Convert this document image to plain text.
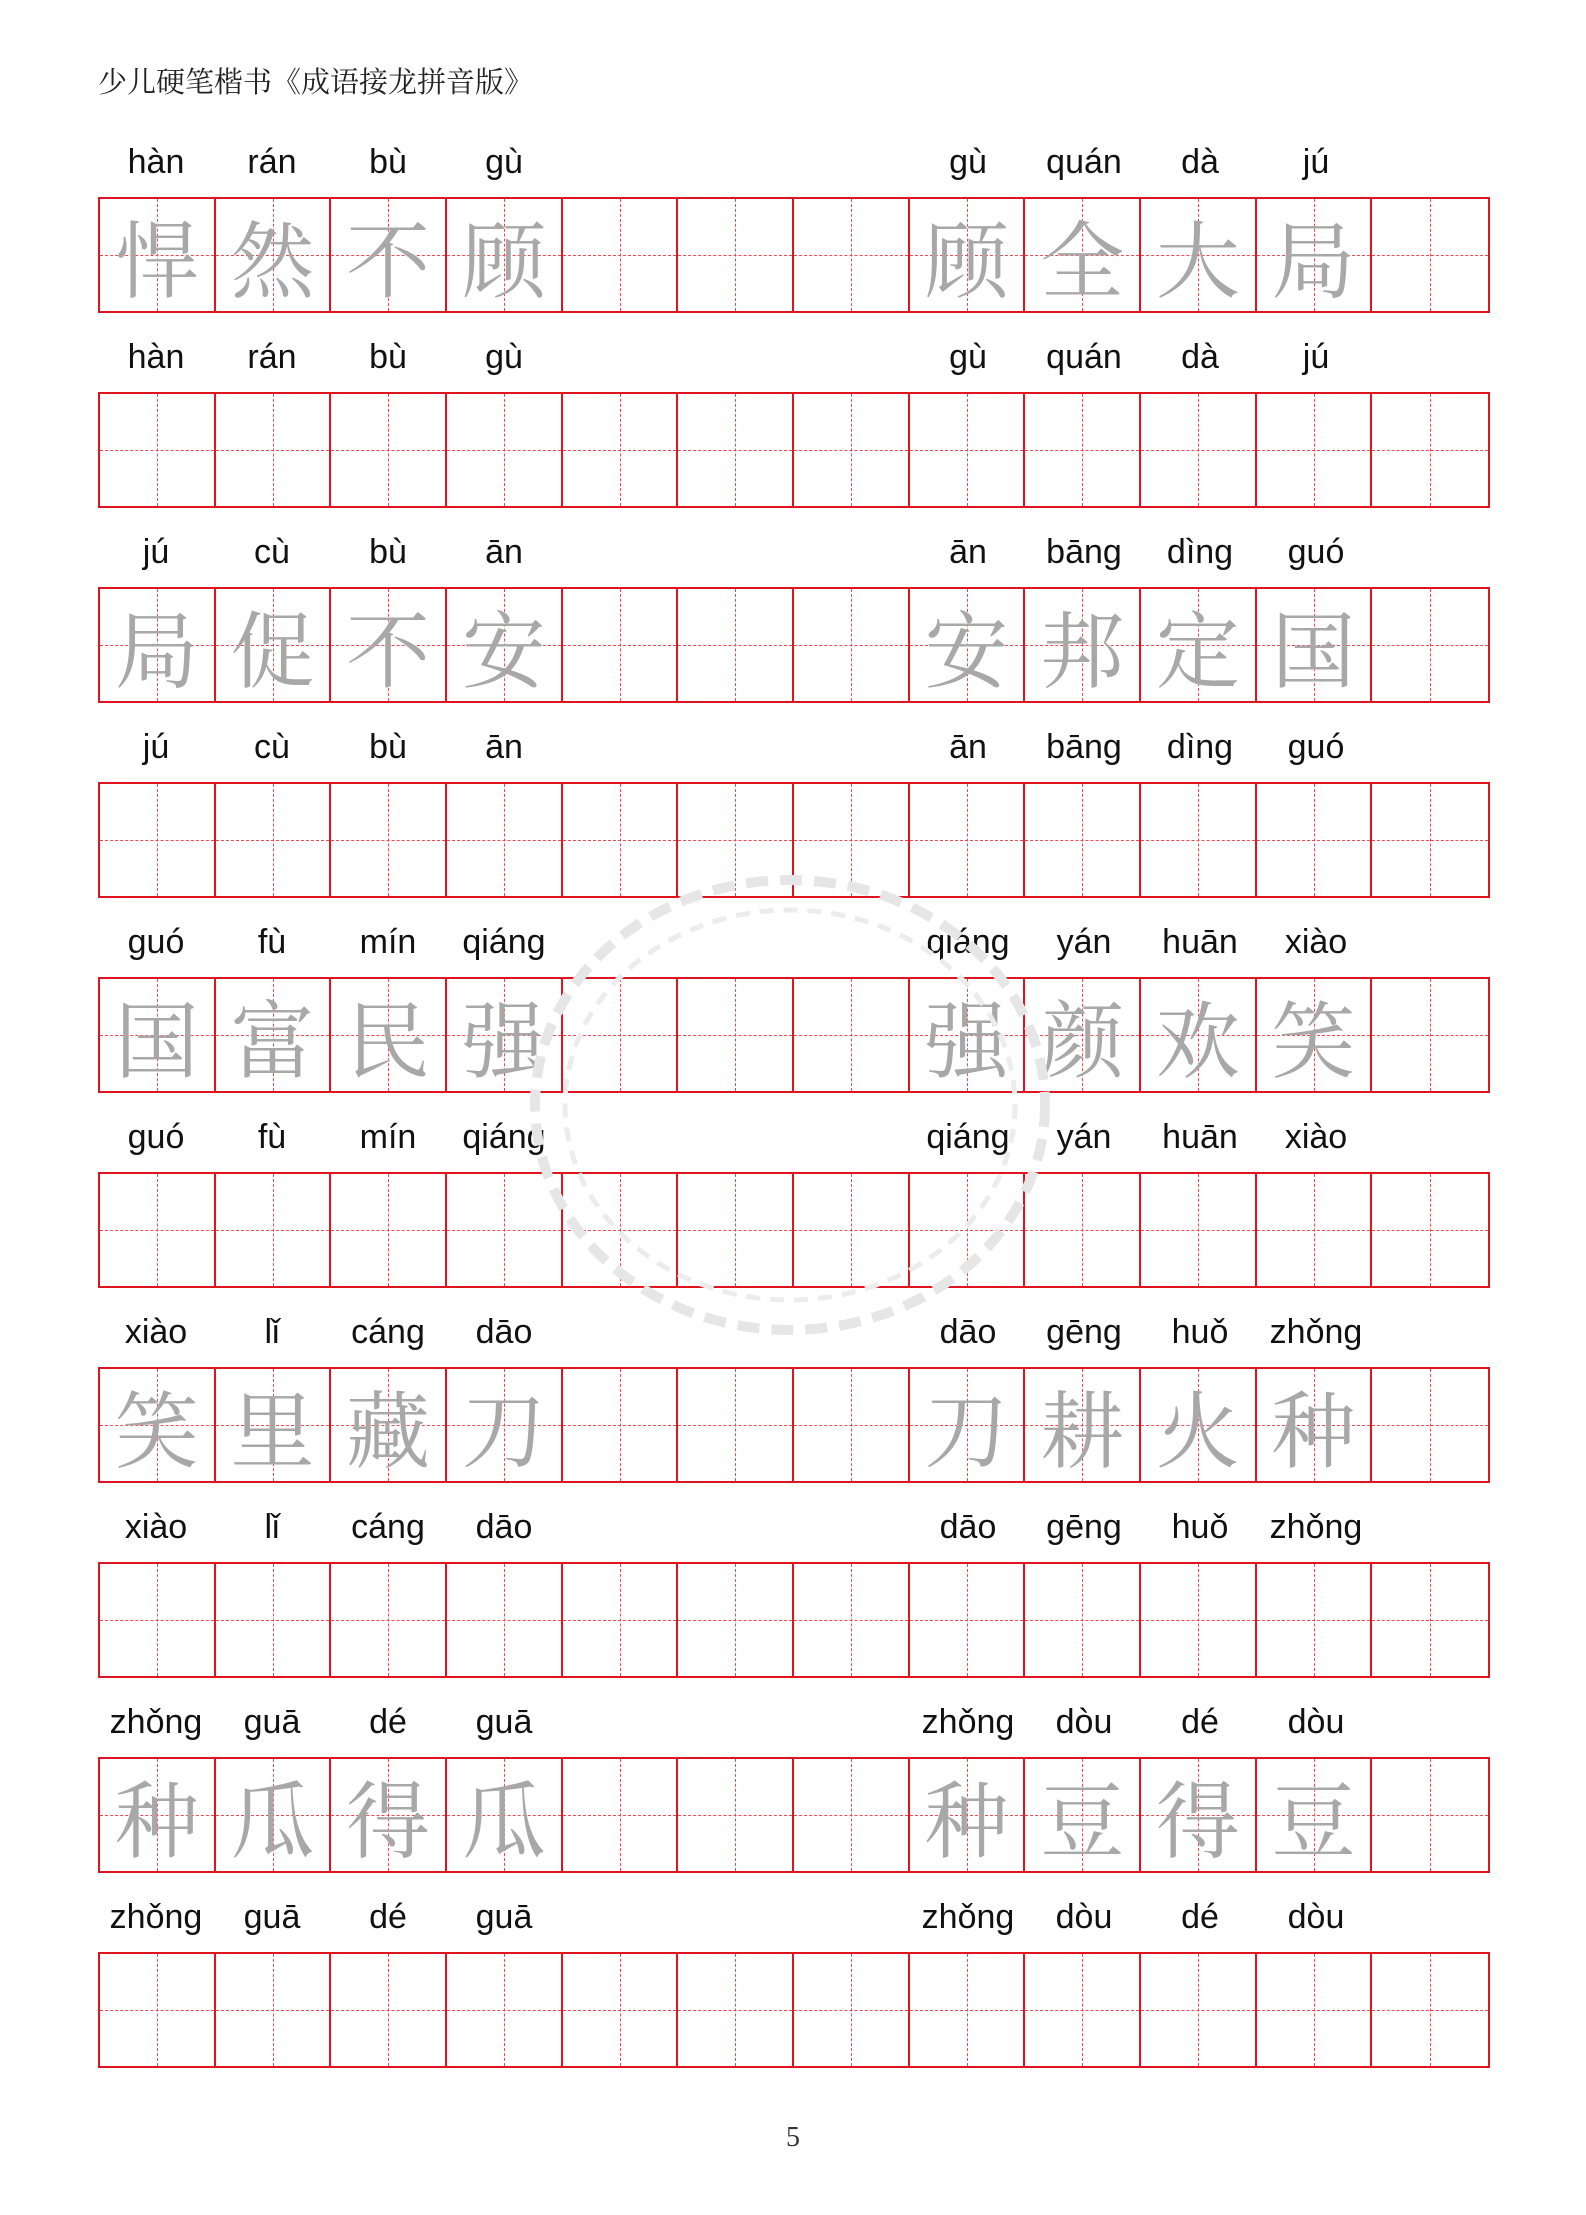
少儿硬笔楷书《成语接龙拼音版》
hàn	rán	bù	gù	gù	quán	dà	jú
悍 然 不 顾	顾 全 大 局
hàn	rán	bù	gù	gù	quán	dà	jú
jú	cù	bù	ān	ān	bāng	dìng	guó
局 促 不 安	安 邦 定 国
jú	cù	bù	ān	ān	bāng	dìng	guó
guó	fù	mín	qiáng	qiáng	yán	huān	xiào
国 富 民 强	强 颜 欢 笑
guó	fù	mín	qiáng	qiáng	yán	huān	xiào
xiào	lǐ	cáng	dāo	dāo	gēng	huǒ	zhǒng
笑 里 藏 刀	刀 耕 火 种
xiào	lǐ	cáng	dāo	dāo	gēng	huǒ	zhǒng
zhǒng	guā	dé	guā	zhǒng	dòu	dé	dòu
种 瓜 得 瓜	种 豆 得 豆
zhǒng	guā	dé	guā	zhǒng	dòu	dé	dòu
5
